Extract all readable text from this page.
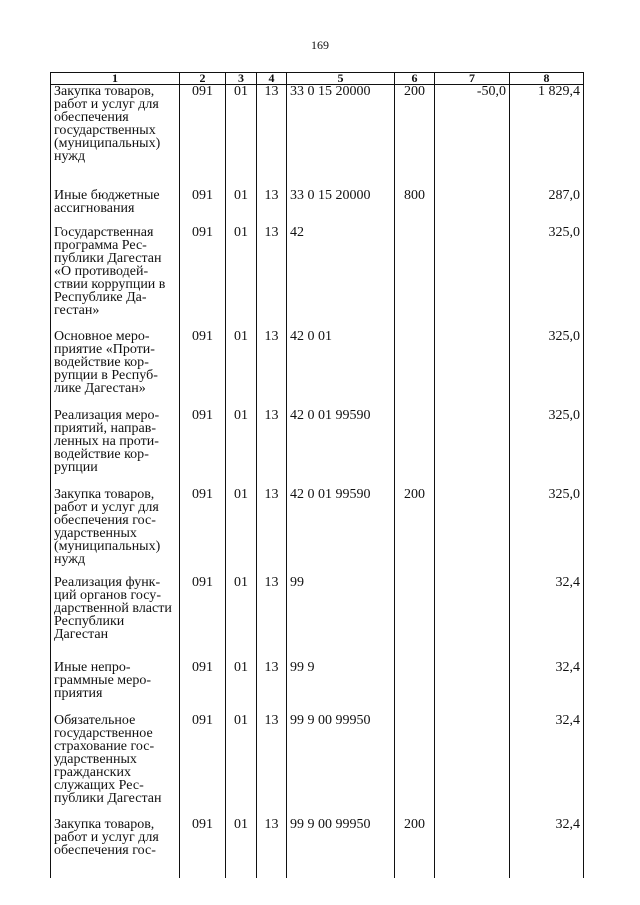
169
1	2	3	4	5	6	7	8
Закупка товаров, работ и услуг для обеспечения государственных (муниципальных) нужд	091	01	13	33 0 15 20000	200	-50,0	1 829,4
Иные бюджетные ассигнования	091	01	13	33 0 15 20000	800		287,0
Государственная программа Республики Дагестан «О противодействии коррупции в Республике Дагестан»	091	01	13	42			325,0
Основное мероприятие «Противодействие коррупции в Республике Дагестан»	091	01	13	42 0 01			325,0
Реализация мероприятий, направленных на противодействие коррупции	091	01	13	42 0 01 99590			325,0
Закупка товаров, работ и услуг для обеспечения государственных (муниципальных) нужд	091	01	13	42 0 01 99590	200		325,0
Реализация функций органов государственной власти Республики Дагестан	091	01	13	99			32,4
Иные непрограммные мероприятия	091	01	13	99 9			32,4
Обязательное государственное страхование государственных гражданских служащих Республики Дагестан	091	01	13	99 9 00 99950			32,4
Закупка товаров, работ и услуг для обеспечения гос-	091	01	13	99 9 00 99950	200		32,4
